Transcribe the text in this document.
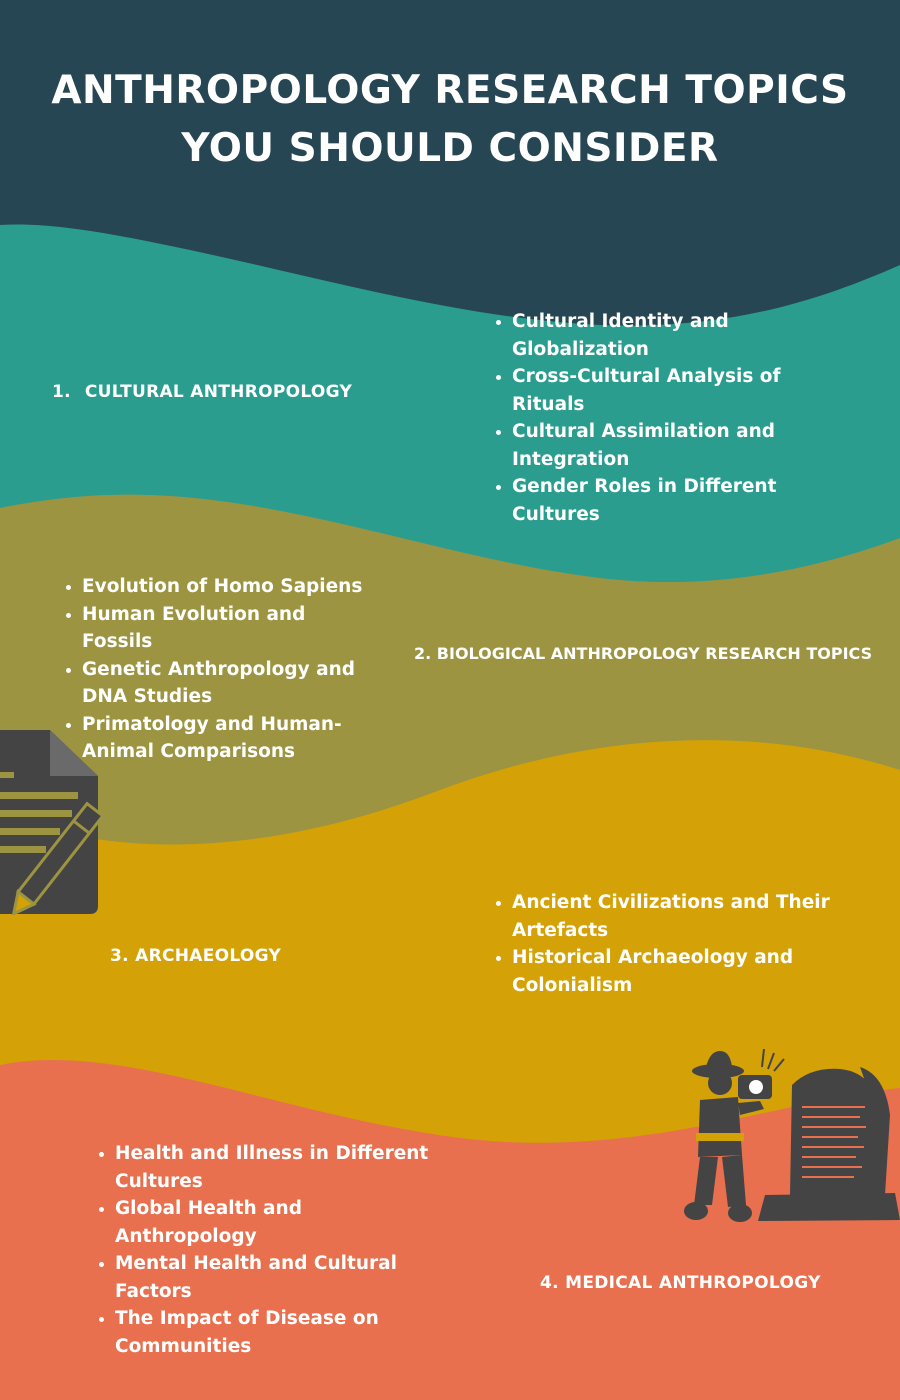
ANTHROPOLOGY RESEARCH TOPICS
YOU SHOULD CONSIDER
1. CULTURAL ANTHROPOLOGY
• Cultural Identity and Globalization
• Cross-Cultural Analysis of Rituals
• Cultural Assimilation and Integration
• Gender Roles in Different Cultures
• Evolution of Homo Sapiens
• Human Evolution and Fossils
• Genetic Anthropology and DNA Studies
• Primatology and Human-Animal Comparisons
2. BIOLOGICAL ANTHROPOLOGY RESEARCH TOPICS
3. ARCHAEOLOGY
• Ancient Civilizations and Their Artefacts
• Historical Archaeology and Colonialism
• Health and Illness in Different Cultures
• Global Health and Anthropology
• Mental Health and Cultural Factors
• The Impact of Disease on Communities
4. MEDICAL ANTHROPOLOGY
